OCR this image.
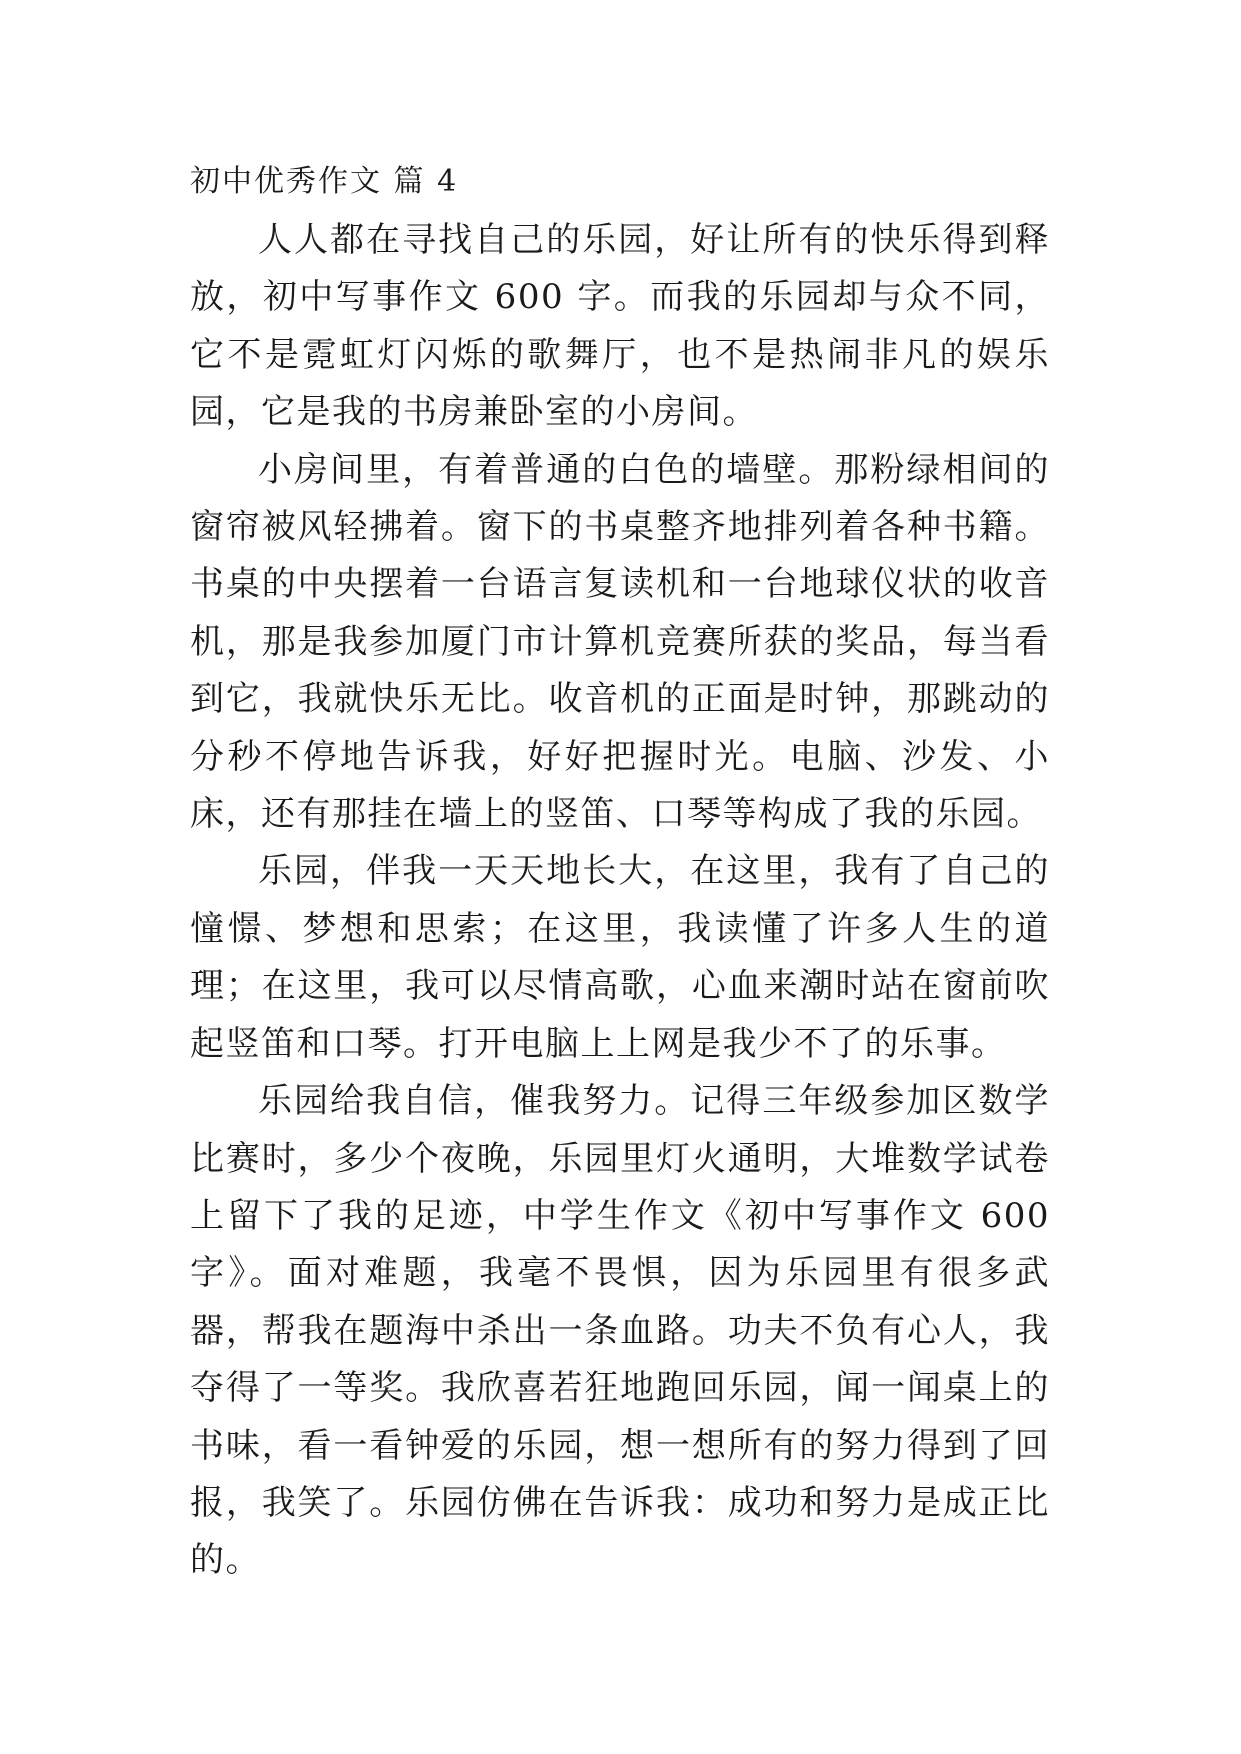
初中优秀作文 篇 4

人人都在寻找自己的乐园，好让所有的快乐得到释放，初中写事作文 600 字。而我的乐园却与众不同，它不是霓虹灯闪烁的歌舞厅，也不是热闹非凡的娱乐园，它是我的书房兼卧室的小房间。

小房间里，有着普通的白色的墙壁。那粉绿相间的窗帘被风轻拂着。窗下的书桌整齐地排列着各种书籍。书桌的中央摆着一台语言复读机和一台地球仪状的收音机，那是我参加厦门市计算机竞赛所获的奖品，每当看到它，我就快乐无比。收音机的正面是时钟，那跳动的分秒不停地告诉我，好好把握时光。电脑、沙发、小床，还有那挂在墙上的竖笛、口琴等构成了我的乐园。

乐园，伴我一天天地长大，在这里，我有了自己的憧憬、梦想和思索；在这里，我读懂了许多人生的道理；在这里，我可以尽情高歌，心血来潮时站在窗前吹起竖笛和口琴。打开电脑上上网是我少不了的乐事。

乐园给我自信，催我努力。记得三年级参加区数学比赛时，多少个夜晚，乐园里灯火通明，大堆数学试卷上留下了我的足迹，中学生作文《初中写事作文 600 字》。面对难题，我毫不畏惧，因为乐园里有很多武器，帮我在题海中杀出一条血路。功夫不负有心人，我夺得了一等奖。我欣喜若狂地跑回乐园，闻一闻桌上的书味，看一看钟爱的乐园，想一想所有的努力得到了回报，我笑了。乐园仿佛在告诉我：成功和努力是成正比的。
